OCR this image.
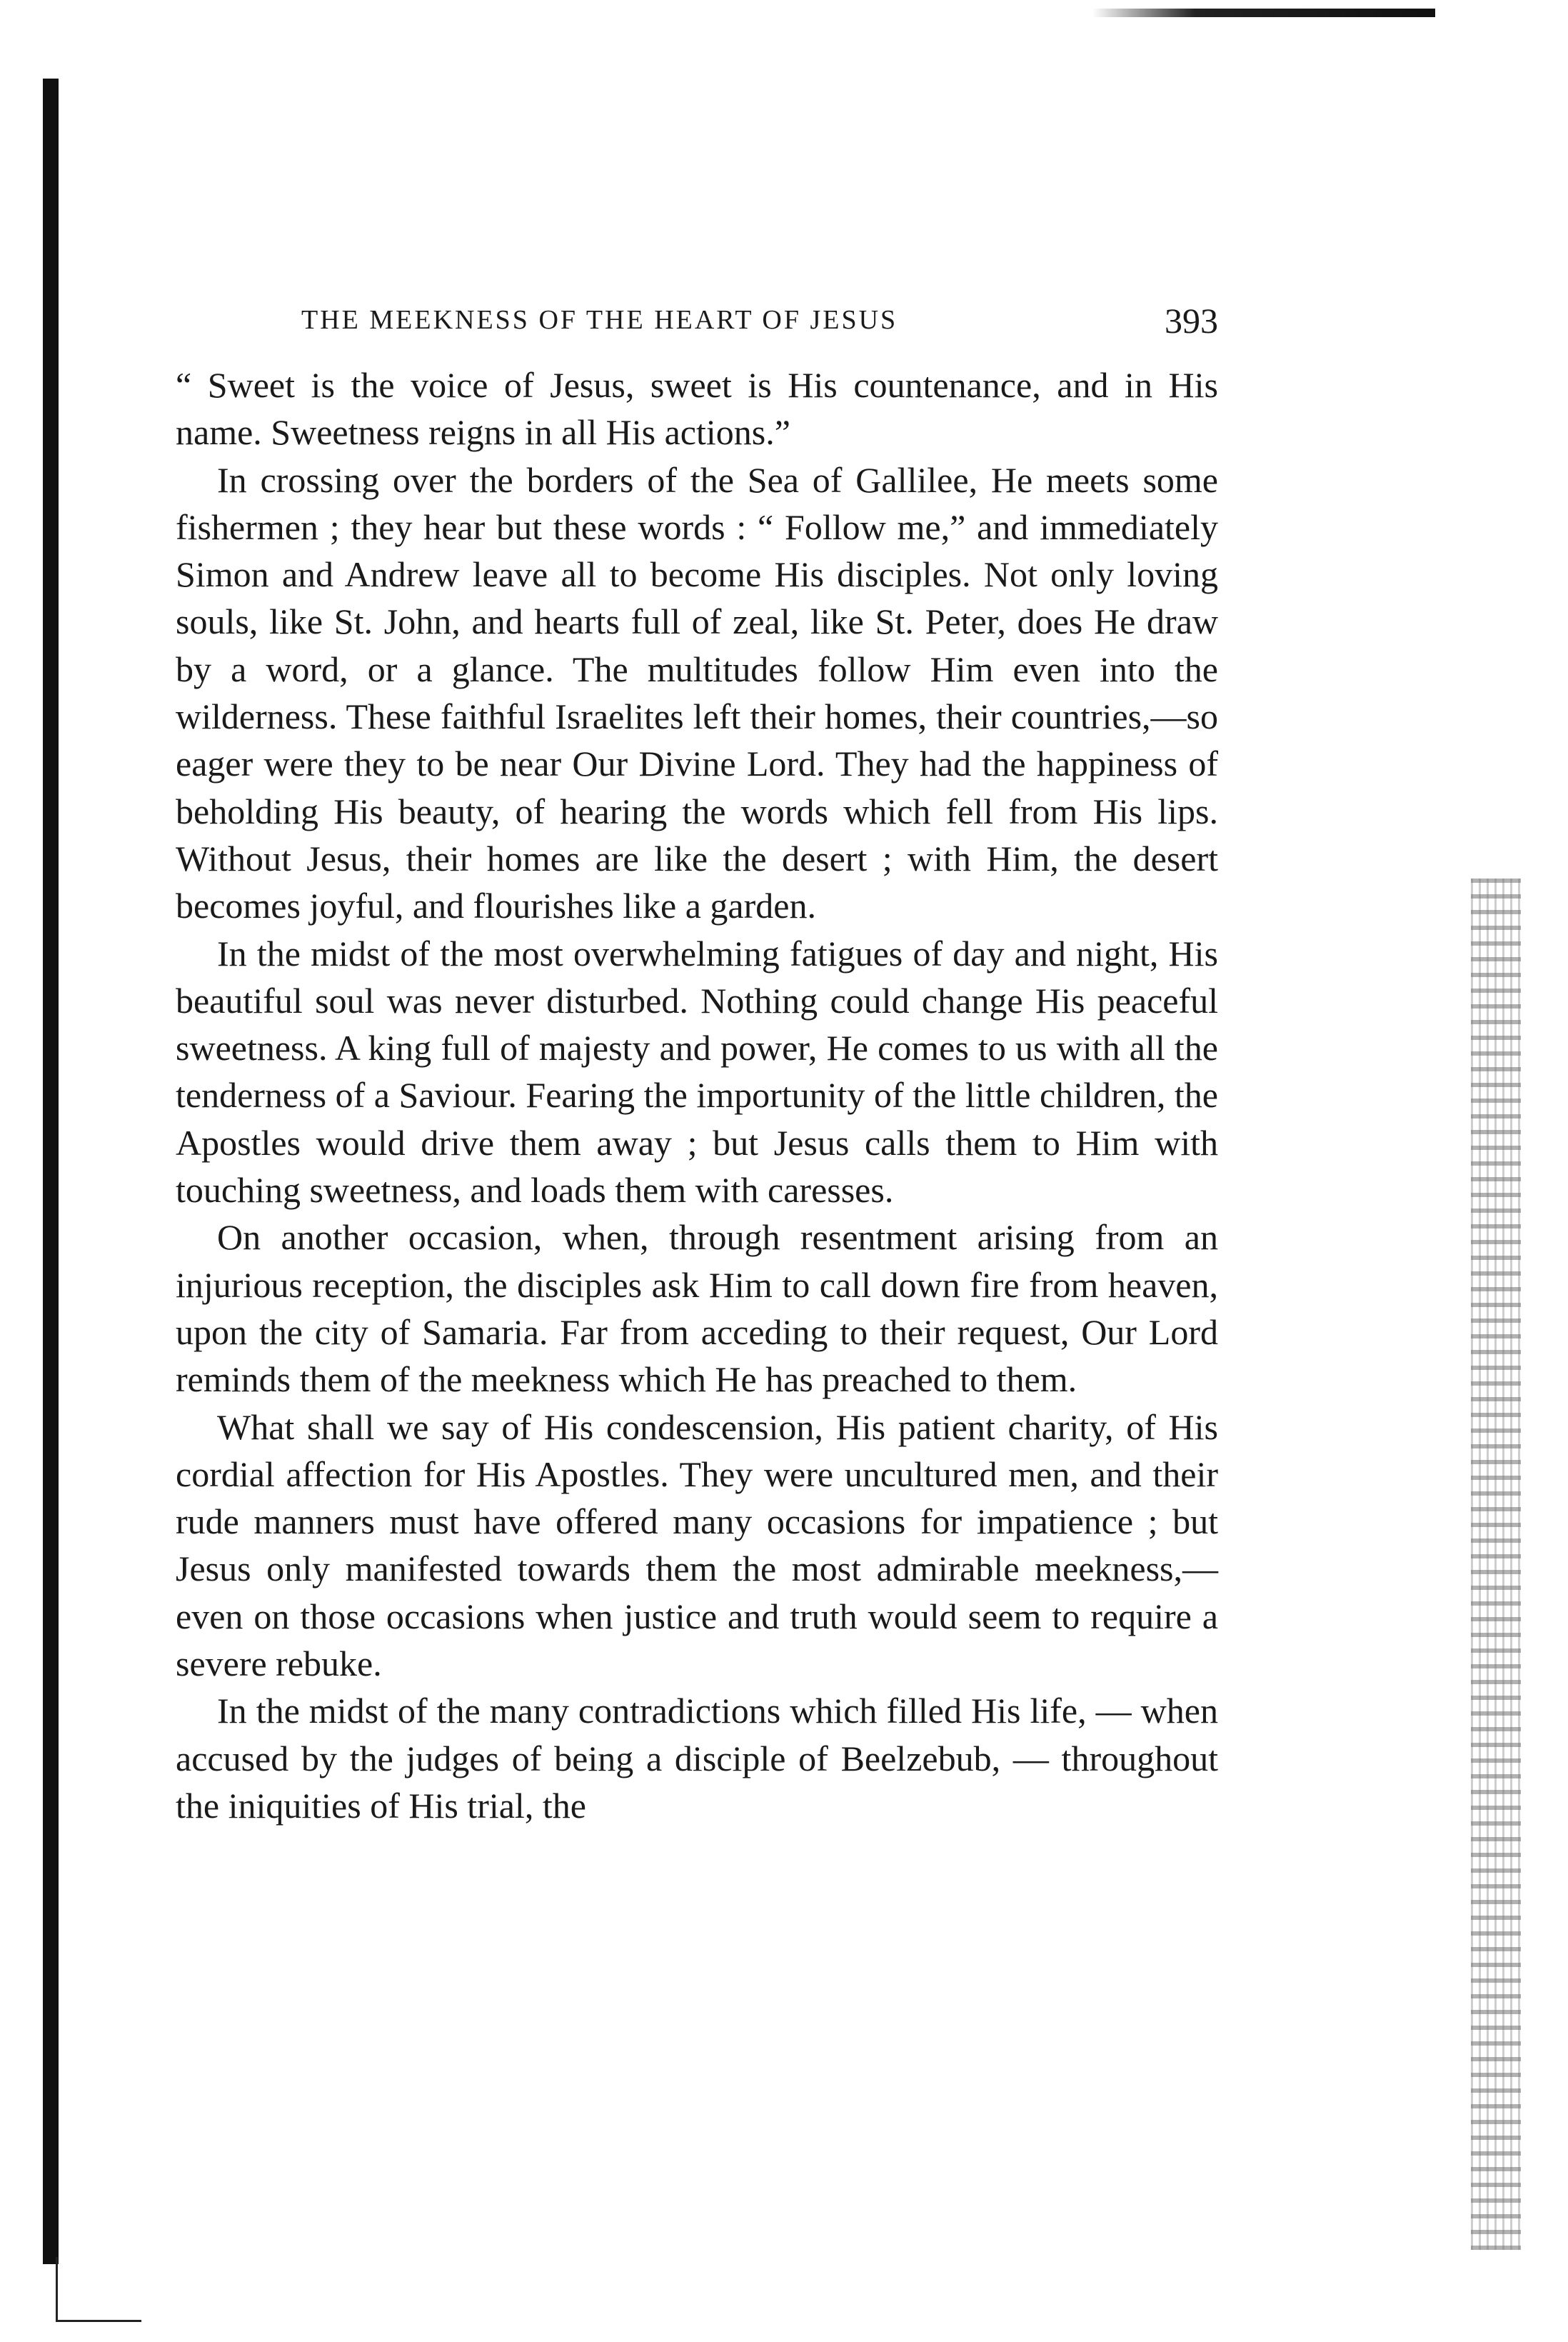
THE MEEKNESS OF THE HEART OF JESUS	393

“ Sweet is the voice of Jesus, sweet is His countenance, and in His name. Sweetness reigns in all His actions.”

In crossing over the borders of the Sea of Gallilee, He meets some fishermen ; they hear but these words : “ Follow me,” and immediately Simon and Andrew leave all to become His disciples. Not only loving souls, like St. John, and hearts full of zeal, like St. Peter, does He draw by a word, or a glance. The multitudes follow Him even into the wilderness. These faithful Israelites left their homes, their countries,—so eager were they to be near Our Divine Lord. They had the happiness of beholding His beauty, of hearing the words which fell from His lips. Without Jesus, their homes are like the desert ; with Him, the desert becomes joyful, and flourishes like a garden.

In the midst of the most overwhelming fatigues of day and night, His beautiful soul was never disturbed. Nothing could change His peaceful sweetness. A king full of majesty and power, He comes to us with all the tenderness of a Saviour. Fearing the importunity of the little children, the Apostles would drive them away ; but Jesus calls them to Him with touching sweetness, and loads them with caresses.

On another occasion, when, through resentment arising from an injurious reception, the disciples ask Him to call down fire from heaven, upon the city of Samaria. Far from acceding to their request, Our Lord reminds them of the meekness which He has preached to them.

What shall we say of His condescension, His patient charity, of His cordial affection for His Apostles. They were uncultured men, and their rude manners must have offered many occasions for impatience ; but Jesus only manifested towards them the most admirable meekness,—even on those occasions when justice and truth would seem to require a severe rebuke.

In the midst of the many contradictions which filled His life, — when accused by the judges of being a disciple of Beelzebub, — throughout the iniquities of His trial, the
